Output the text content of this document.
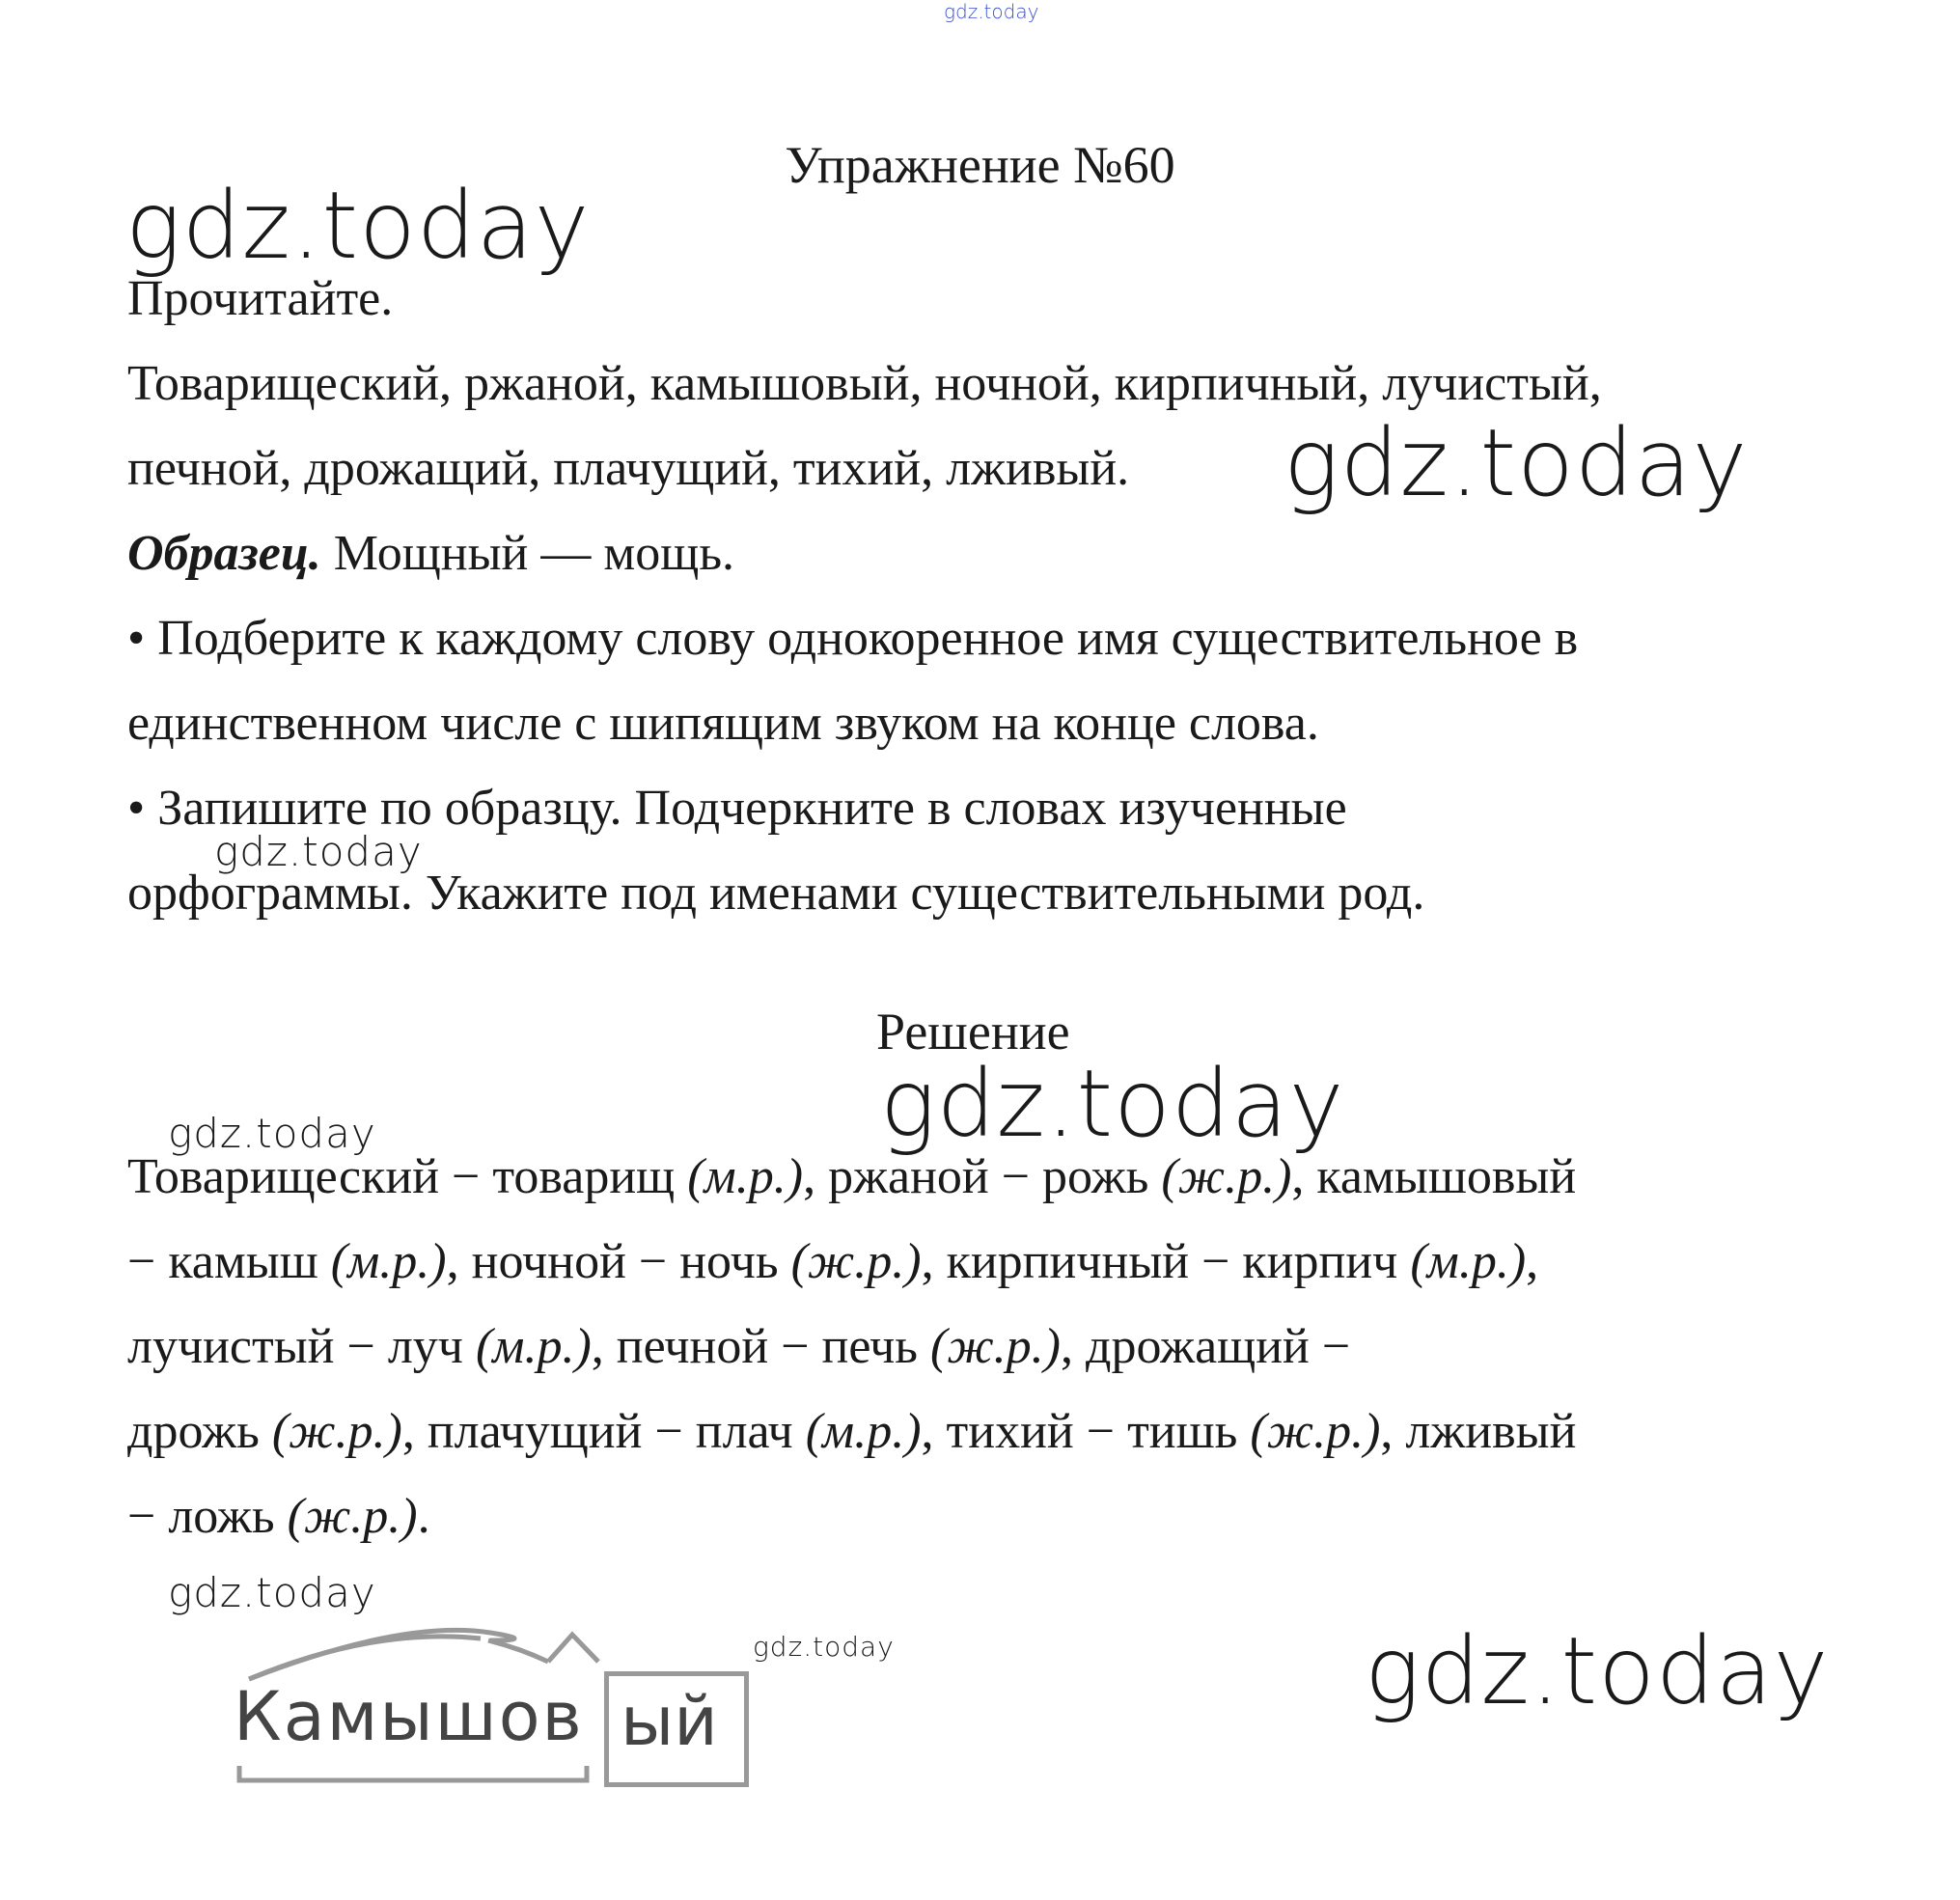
gdz.today
Упражнение №60
gdz.today
Прочитайте.
Товарищеский, ржаной, камышовый, ночной, кирпичный, лучистый,
печной, дрожащий, плачущий, тихий, лживый. gdz.today
Образец. Мощный — мощь.
• Подберите к каждому слову однокоренное имя существительное в
единственном числе с шипящим звуком на конце слова.
• Запишите по образцу. Подчеркните в словах изученные
gdz.today
орфограммы. Укажите под именами существительными род.
Решение
gdz.today
gdz.today
Товарищеский − товарищ (м.р.), ржаной − рожь (ж.р.), камышовый
− камыш (м.р.), ночной − ночь (ж.р.), кирпичный − кирпич (м.р.),
лучистый − луч (м.р.), печной − печь (ж.р.), дрожащий −
дрожь (ж.р.), плачущий − плач (м.р.), тихий − тишь (ж.р.), лживый
− ложь (ж.р.).
gdz.today
gdz.today	gdz.today
Камышов ый
